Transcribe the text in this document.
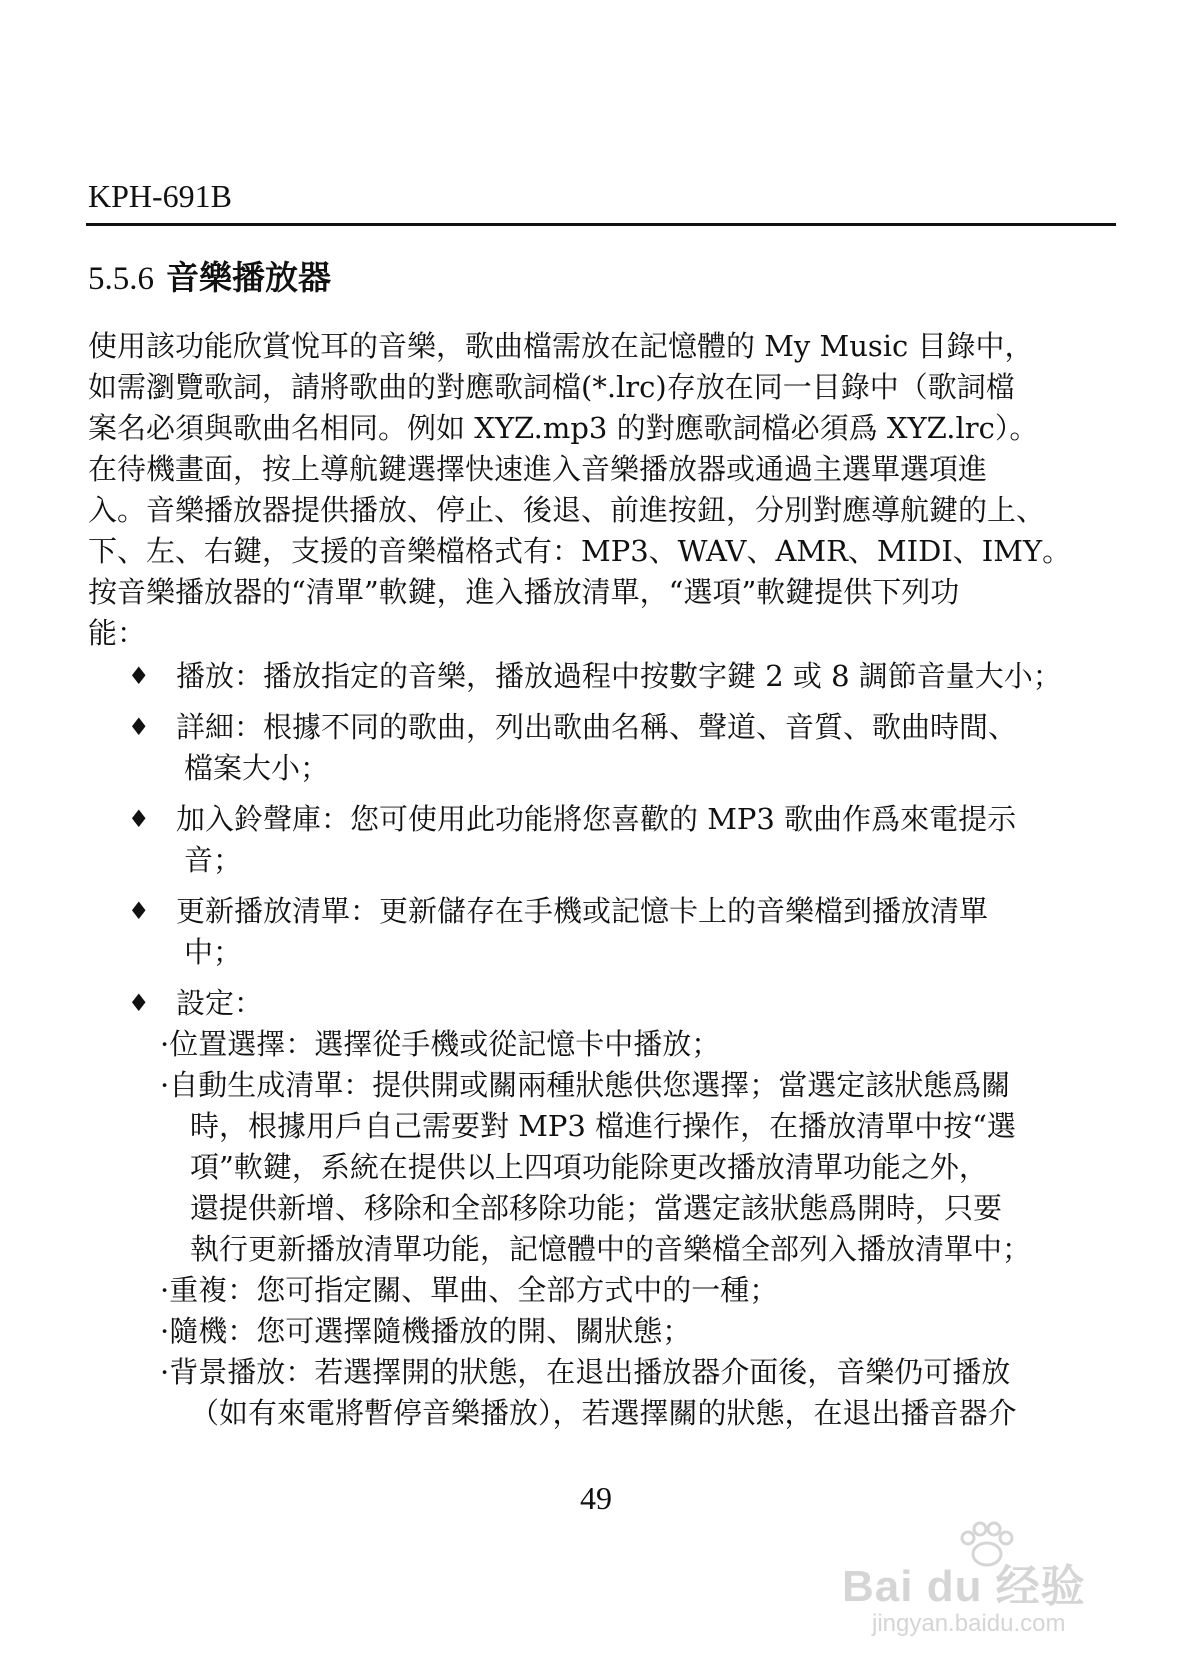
KPH-691B
5.5.6 音樂播放器
使用該功能欣賞悅耳的音樂，歌曲檔需放在記憶體的 My Music 目錄中，
如需瀏覽歌詞，請將歌曲的對應歌詞檔(*.lrc)存放在同一目錄中（歌詞檔
案名必須與歌曲名相同。例如 XYZ.mp3 的對應歌詞檔必須爲 XYZ.lrc）。
在待機畫面，按上導航鍵選擇快速進入音樂播放器或通過主選單選項進
入。音樂播放器提供播放、停止、後退、前進按鈕，分別對應導航鍵的上、
下、左、右鍵，支援的音樂檔格式有：MP3、WAV、AMR、MIDI、IMY。
按音樂播放器的“清單”軟鍵，進入播放清單，“選項”軟鍵提供下列功
能：
♦ 播放：播放指定的音樂，播放過程中按數字鍵 2 或 8 調節音量大小；
♦ 詳細：根據不同的歌曲，列出歌曲名稱、聲道、音質、歌曲時間、
檔案大小；
♦ 加入鈴聲庫：您可使用此功能將您喜歡的 MP3 歌曲作爲來電提示
音；
♦ 更新播放清單：更新儲存在手機或記憶卡上的音樂檔到播放清單
中；
♦ 設定：
·位置選擇：選擇從手機或從記憶卡中播放；
·自動生成清單：提供開或關兩種狀態供您選擇；當選定該狀態爲關
時，根據用戶自己需要對 MP3 檔進行操作，在播放清單中按“選
項”軟鍵，系統在提供以上四項功能除更改播放清單功能之外，
還提供新增、移除和全部移除功能；當選定該狀態爲開時，只要
執行更新播放清單功能，記憶體中的音樂檔全部列入播放清單中；
·重複：您可指定關、單曲、全部方式中的一種；
·隨機：您可選擇隨機播放的開、關狀態；
·背景播放：若選擇開的狀態，在退出播放器介面後，音樂仍可播放
（如有來電將暫停音樂播放），若選擇關的狀態，在退出播音器介
49
Bai du 经验
jingyan.baidu.com
